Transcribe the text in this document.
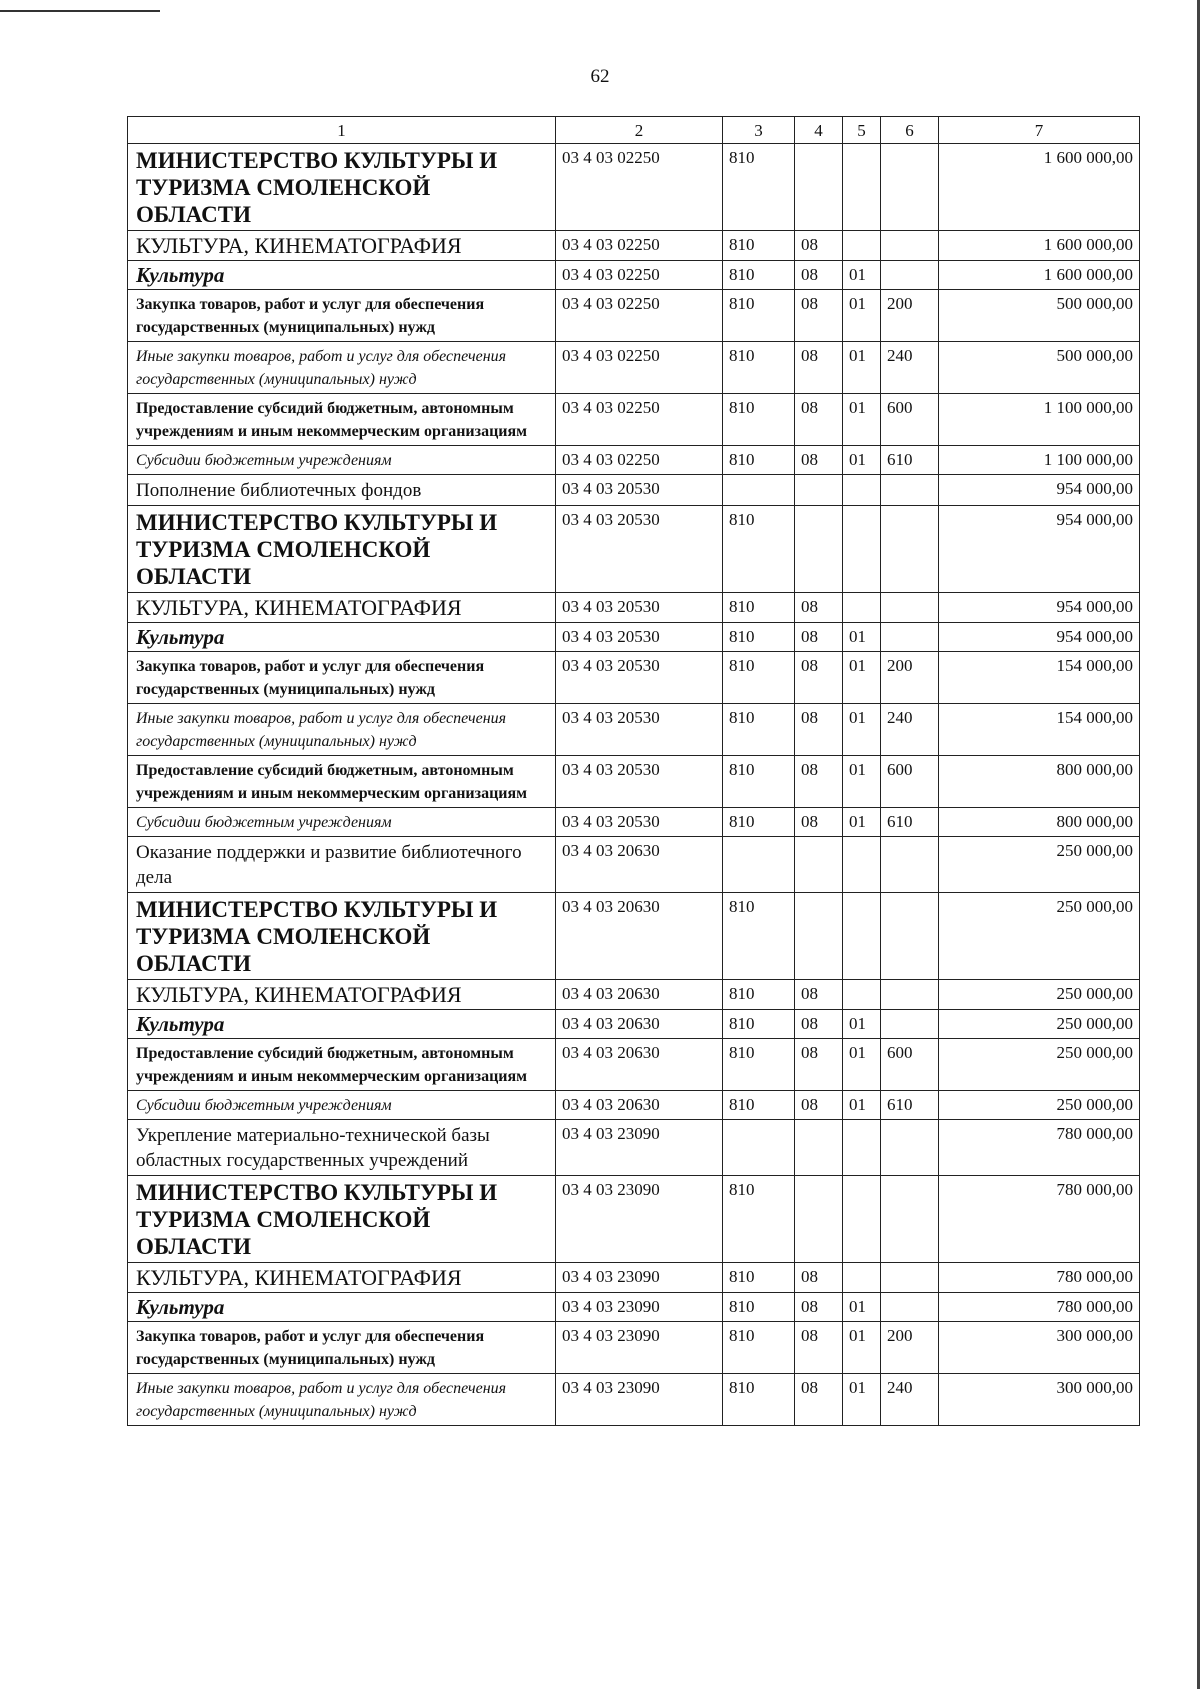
62
1	2	3	4	5	6	7
МИНИСТЕРСТВО КУЛЬТУРЫ И ТУРИЗМА СМОЛЕНСКОЙ ОБЛАСТИ	03 4 03 02250	810				1 600 000,00
КУЛЬТУРА, КИНЕМАТОГРАФИЯ	03 4 03 02250	810	08			1 600 000,00
Культура	03 4 03 02250	810	08	01		1 600 000,00
Закупка товаров, работ и услуг для обеспечения государственных (муниципальных) нужд	03 4 03 02250	810	08	01	200	500 000,00
Иные закупки товаров, работ и услуг для обеспечения государственных (муниципальных) нужд	03 4 03 02250	810	08	01	240	500 000,00
Предоставление субсидий бюджетным, автономным учреждениям и иным некоммерческим организациям	03 4 03 02250	810	08	01	600	1 100 000,00
Субсидии бюджетным учреждениям	03 4 03 02250	810	08	01	610	1 100 000,00
Пополнение библиотечных фондов	03 4 03 20530					954 000,00
МИНИСТЕРСТВО КУЛЬТУРЫ И ТУРИЗМА СМОЛЕНСКОЙ ОБЛАСТИ	03 4 03 20530	810				954 000,00
КУЛЬТУРА, КИНЕМАТОГРАФИЯ	03 4 03 20530	810	08			954 000,00
Культура	03 4 03 20530	810	08	01		954 000,00
Закупка товаров, работ и услуг для обеспечения государственных (муниципальных) нужд	03 4 03 20530	810	08	01	200	154 000,00
Иные закупки товаров, работ и услуг для обеспечения государственных (муниципальных) нужд	03 4 03 20530	810	08	01	240	154 000,00
Предоставление субсидий бюджетным, автономным учреждениям и иным некоммерческим организациям	03 4 03 20530	810	08	01	600	800 000,00
Субсидии бюджетным учреждениям	03 4 03 20530	810	08	01	610	800 000,00
Оказание поддержки и развитие библиотечного дела	03 4 03 20630					250 000,00
МИНИСТЕРСТВО КУЛЬТУРЫ И ТУРИЗМА СМОЛЕНСКОЙ ОБЛАСТИ	03 4 03 20630	810				250 000,00
КУЛЬТУРА, КИНЕМАТОГРАФИЯ	03 4 03 20630	810	08			250 000,00
Культура	03 4 03 20630	810	08	01		250 000,00
Предоставление субсидий бюджетным, автономным учреждениям и иным некоммерческим организациям	03 4 03 20630	810	08	01	600	250 000,00
Субсидии бюджетным учреждениям	03 4 03 20630	810	08	01	610	250 000,00
Укрепление материально-технической базы областных государственных учреждений	03 4 03 23090					780 000,00
МИНИСТЕРСТВО КУЛЬТУРЫ И ТУРИЗМА СМОЛЕНСКОЙ ОБЛАСТИ	03 4 03 23090	810				780 000,00
КУЛЬТУРА, КИНЕМАТОГРАФИЯ	03 4 03 23090	810	08			780 000,00
Культура	03 4 03 23090	810	08	01		780 000,00
Закупка товаров, работ и услуг для обеспечения государственных (муниципальных) нужд	03 4 03 23090	810	08	01	200	300 000,00
Иные закупки товаров, работ и услуг для обеспечения государственных (муниципальных) нужд	03 4 03 23090	810	08	01	240	300 000,00
